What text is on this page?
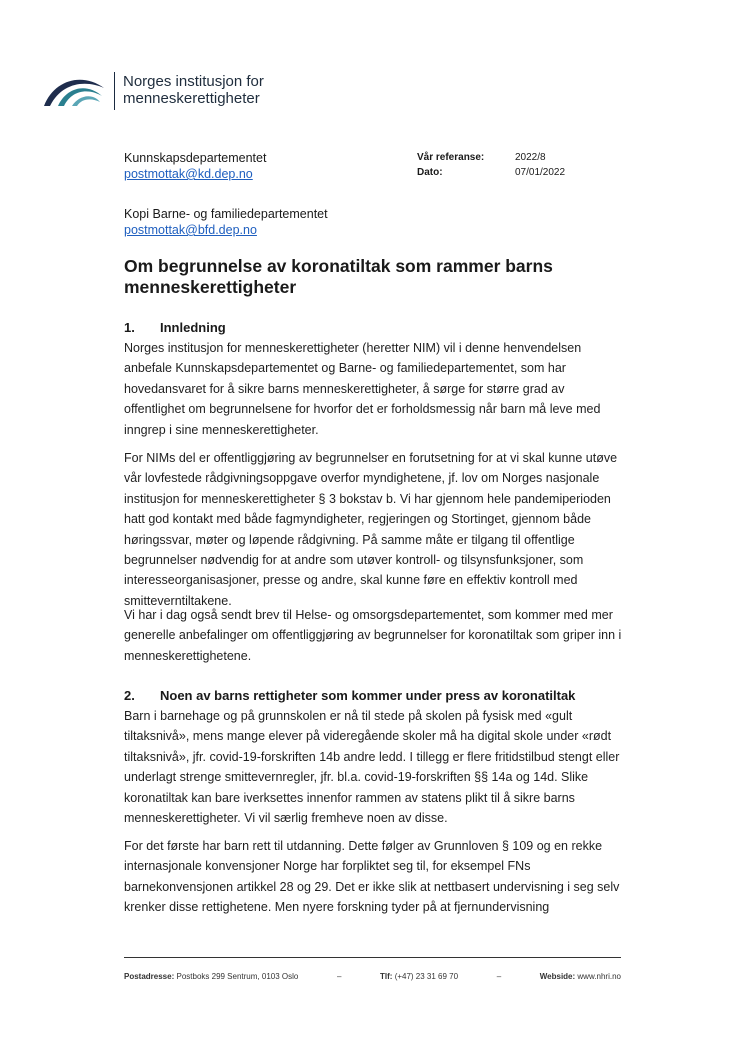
Norges institusjon for
menneskerettigheter
Kunnskapsdepartementet
postmottak@kd.dep.no
Vår referanse:	2022/8
Dato:	07/01/2022
Kopi Barne- og familiedepartementet
postmottak@bfd.dep.no
Om begrunnelse av koronatiltak som rammer barns menneskerettigheter
1.	Innledning
Norges institusjon for menneskerettigheter (heretter NIM) vil i denne henvendelsen anbefale Kunnskapsdepartementet og Barne- og familiedepartementet, som har hovedansvaret for å sikre barns menneskerettigheter, å sørge for større grad av offentlighet om begrunnelsene for hvorfor det er forholdsmessig når barn må leve med inngrep i sine menneskerettigheter.
For NIMs del er offentliggjøring av begrunnelser en forutsetning for at vi skal kunne utøve vår lovfestede rådgivningsoppgave overfor myndighetene, jf. lov om Norges nasjonale institusjon for menneskerettigheter § 3 bokstav b. Vi har gjennom hele pandemiperioden hatt god kontakt med både fagmyndigheter, regjeringen og Stortinget, gjennom både høringssvar, møter og løpende rådgivning. På samme måte er tilgang til offentlige begrunnelser nødvendig for at andre som utøver kontroll- og tilsynsfunksjoner, som interesseorganisasjoner, presse og andre, skal kunne føre en effektiv kontroll med smitteverntiltakene.
Vi har i dag også sendt brev til Helse- og omsorgsdepartementet, som kommer med mer generelle anbefalinger om offentliggjøring av begrunnelser for koronatiltak som griper inn i menneskerettighetene.
2.	Noen av barns rettigheter som kommer under press av koronatiltak
Barn i barnehage og på grunnskolen er nå til stede på skolen på fysisk med «gult tiltaksnivå», mens mange elever på videregående skoler må ha digital skole under «rødt tiltaksnivå», jfr. covid-19-forskriften 14b andre ledd. I tillegg er flere fritidstilbud stengt eller underlagt strenge smittevernregler, jfr. bl.a. covid-19-forskriften §§ 14a og 14d. Slike koronatiltak kan bare iverksettes innenfor rammen av statens plikt til å sikre barns menneskerettigheter. Vi vil særlig fremheve noen av disse.
For det første har barn rett til utdanning. Dette følger av Grunnloven § 109 og en rekke internasjonale konvensjoner Norge har forpliktet seg til, for eksempel FNs barnekonvensjonen artikkel 28 og 29. Det er ikke slik at nettbasert undervisning i seg selv krenker disse rettighetene. Men nyere forskning tyder på at fjernundervisning
Postadresse: Postboks 299 Sentrum, 0103 Oslo	–	Tlf: (+47) 23 31 69 70	–	Webside: www.nhri.no
